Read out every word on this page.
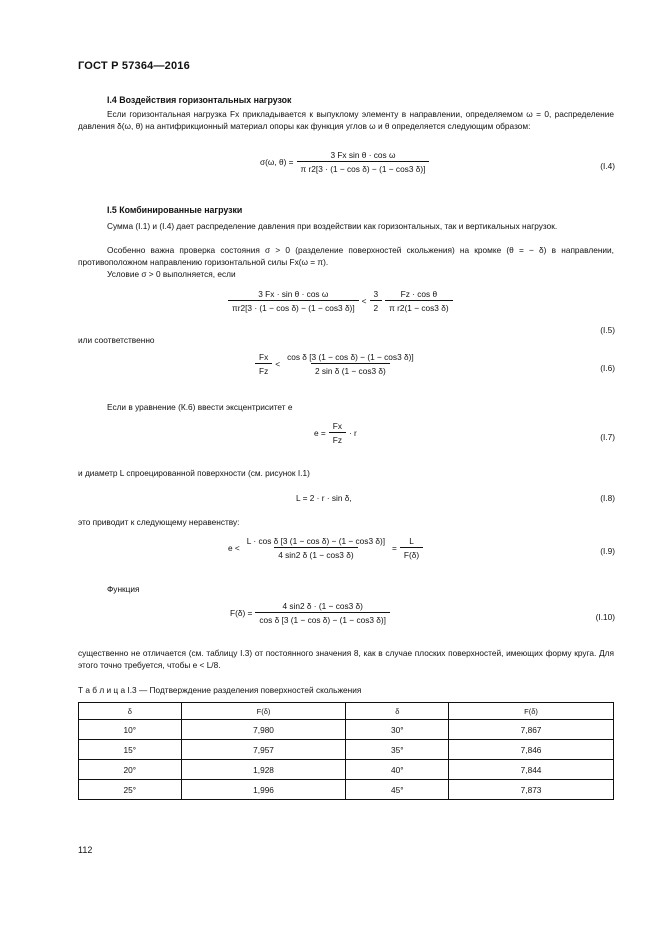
ГОСТ Р 57364—2016
I.4 Воздействия горизонтальных нагрузок
Если горизонтальная нагрузка Fx прикладывается к выпуклому элементу в направлении, определяемом ω = 0, распределение давления δ(ω, θ) на антифрикционный материал опоры как функция углов ω и θ определяется следующим образом:
σ(ω, $\theta) = \frac{\text{3 Fx sin θ · cos ω}}{\text{π r2[3 · (1 − cos δ) − (1 − cos3 δ)]}}$	(I.4)
I.5 Комбинированные нагрузки
Сумма (I.1) и (I.4) дает распределение давления при воздействии как горизонтальных, так и вертикальных нагрузок.
Особенно важна проверка состояния σ > 0 (разделение поверхностей скольжения) на кромке (θ = − δ) в направлении, противоположном направлению горизонтальной силы Fx(ω = π).
Условие σ > 0 выполняется, если
$\frac{\text{3 Fx · sin θ · cos ω}}{\text{πr2[3 · (1 − cos δ) − (1 − cos3 δ)]}} < \frac{3}{2} \frac{\text{Fz · cos θ}}{\text{π r2(1 − cos3 δ)}}$
(I.5)
или соответственно
$\frac{Fx}{Fz} < \frac{\text{cos δ [3 (1 − cos δ) − (1 − cos3 δ)]}}{\text{2 sin δ (1 − cos3 δ)}}$	(I.6)
Если в уравнение (К.6) ввести эксцентриситет e
$e = \frac{Fx}{Fz} \cdot r$	(I.7)
и диаметр L спроецированной поверхности (см. рисунок I.1)
L = 2 · r · sin δ,	(I.8)
это приводит к следующему неравенству:
$e < \frac{\text{L · cos δ [3 (1 − cos δ) − (1 − cos3 δ)]}}{4 \sin 2 \delta (1 - \cos 3 \delta)} = \frac{L}{F(\delta)}$	(I.9)
Функция
$F(\delta) = \frac{4 \sin 2 \delta \cdot (1 - \cos 3 \delta)}{\text{cos δ [3 (1 − cos δ) − (1 − cos3 δ)]}}$	(I.10)
существенно не отличается (см. таблицу I.3) от постоянного значения 8, как в случае плоских поверхностей, имеющих форму круга. Для этого точно требуется, чтобы e < L/8.
Т а б л и ц а I.3 — Подтверждение разделения поверхностей скольжения
δ	F(δ)	δ	F(δ)
10°	7,980	30°	7,867
15°	7,957	35°	7,846
20°	1,928	40°	7,844
25°	1,996	45°	7,873
112
